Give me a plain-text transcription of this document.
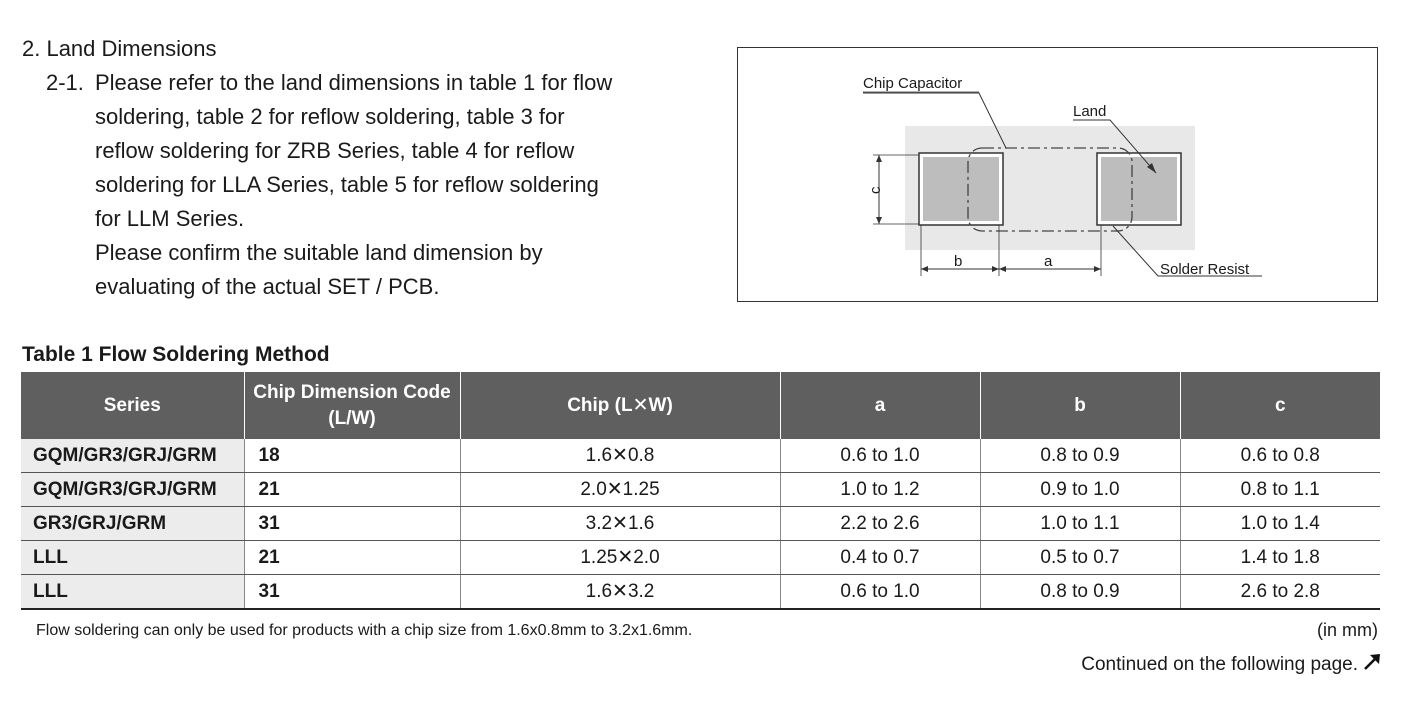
2. Land Dimensions
2-1. Please refer to the land dimensions in table 1 for flow
soldering, table 2 for reflow soldering, table 3 for
reflow soldering for ZRB Series, table 4 for reflow
soldering for LLA Series, table 5 for reflow soldering
for LLM Series.
Please confirm the suitable land dimension by
evaluating of the actual SET / PCB.
Chip Capacitor
Land
Solder Resist
b	a
c
Table 1 Flow Soldering Method
Series	Chip Dimension Code
(L/W)	Chip (L✕W)	a	b	c
GQM/GR3/GRJ/GRM	18	1.6✕0.8	0.6 to 1.0	0.8 to 0.9	0.6 to 0.8
GQM/GR3/GRJ/GRM	21	2.0✕1.25	1.0 to 1.2	0.9 to 1.0	0.8 to 1.1
GR3/GRJ/GRM	31	3.2✕1.6	2.2 to 2.6	1.0 to 1.1	1.0 to 1.4
LLL	21	1.25✕2.0	0.4 to 0.7	0.5 to 0.7	1.4 to 1.8
LLL	31	1.6✕3.2	0.6 to 1.0	0.8 to 0.9	2.6 to 2.8
Flow soldering can only be used for products with a chip size from 1.6x0.8mm to 3.2x1.6mm.	(in mm)
Continued on the following page.
